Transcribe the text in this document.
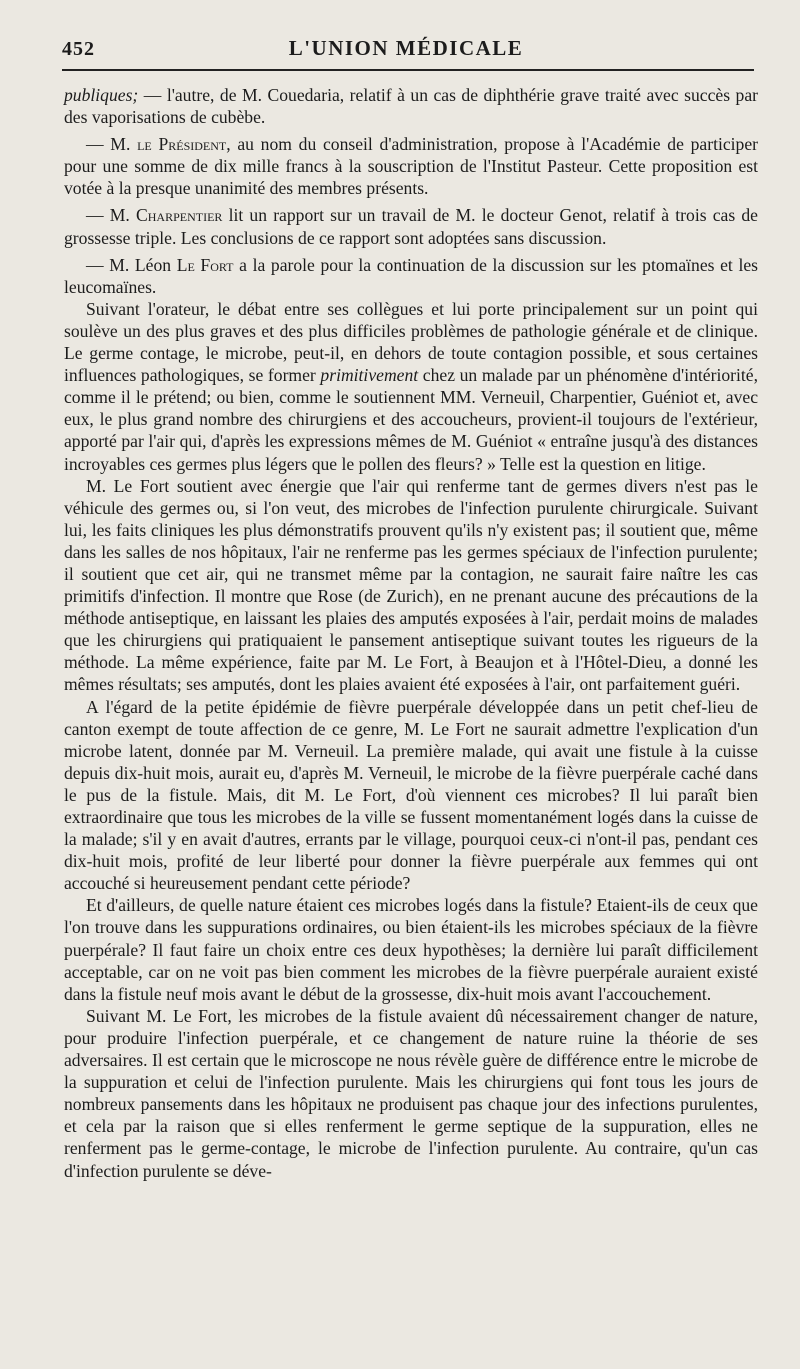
452	L'UNION MÉDICALE

publiques; — l'autre, de M. Couedaria, relatif à un cas de diphthérie grave traité avec succès par des vaporisations de cubèbe.

— M. le Président, au nom du conseil d'administration, propose à l'Académie de participer pour une somme de dix mille francs à la souscription de l'Institut Pasteur. Cette proposition est votée à la presque unanimité des membres présents.

— M. Charpentier lit un rapport sur un travail de M. le docteur Genot, relatif à trois cas de grossesse triple. Les conclusions de ce rapport sont adoptées sans discussion.

— M. Léon Le Fort a la parole pour la continuation de la discussion sur les ptomaïnes et les leucomaïnes.

Suivant l'orateur, le débat entre ses collègues et lui porte principalement sur un point qui soulève un des plus graves et des plus difficiles problèmes de pathologie générale et de clinique. Le germe contage, le microbe, peut-il, en dehors de toute contagion possible, et sous certaines influences pathologiques, se former primitivement chez un malade par un phénomène d'intériorité, comme il le prétend; ou bien, comme le soutiennent MM. Verneuil, Charpentier, Guéniot et, avec eux, le plus grand nombre des chirurgiens et des accoucheurs, provient-il toujours de l'extérieur, apporté par l'air qui, d'après les expressions mêmes de M. Guéniot « entraîne jusqu'à des distances incroyables ces germes plus légers que le pollen des fleurs? » Telle est la question en litige.

M. Le Fort soutient avec énergie que l'air qui renferme tant de germes divers n'est pas le véhicule des germes ou, si l'on veut, des microbes de l'infection purulente chirurgicale. Suivant lui, les faits cliniques les plus démonstratifs prouvent qu'ils n'y existent pas; il soutient que, même dans les salles de nos hôpitaux, l'air ne renferme pas les germes spéciaux de l'infection purulente; il soutient que cet air, qui ne transmet même par la contagion, ne saurait faire naître les cas primitifs d'infection. Il montre que Rose (de Zurich), en ne prenant aucune des précautions de la méthode antiseptique, en laissant les plaies des amputés exposées à l'air, perdait moins de malades que les chirurgiens qui pratiquaient le pansement antiseptique suivant toutes les rigueurs de la méthode. La même expérience, faite par M. Le Fort, à Beaujon et à l'Hôtel-Dieu, a donné les mêmes résultats; ses amputés, dont les plaies avaient été exposées à l'air, ont parfaitement guéri.

A l'égard de la petite épidémie de fièvre puerpérale développée dans un petit chef-lieu de canton exempt de toute affection de ce genre, M. Le Fort ne saurait admettre l'explication d'un microbe latent, donnée par M. Verneuil. La première malade, qui avait une fistule à la cuisse depuis dix-huit mois, aurait eu, d'après M. Verneuil, le microbe de la fièvre puerpérale caché dans le pus de la fistule. Mais, dit M. Le Fort, d'où viennent ces microbes? Il lui paraît bien extraordinaire que tous les microbes de la ville se fussent momentanément logés dans la cuisse de la malade; s'il y en avait d'autres, errants par le village, pourquoi ceux-ci n'ont-il pas, pendant ces dix-huit mois, profité de leur liberté pour donner la fièvre puerpérale aux femmes qui ont accouché si heureusement pendant cette période?

Et d'ailleurs, de quelle nature étaient ces microbes logés dans la fistule? Etaient-ils de ceux que l'on trouve dans les suppurations ordinaires, ou bien étaient-ils les microbes spéciaux de la fièvre puerpérale? Il faut faire un choix entre ces deux hypothèses; la dernière lui paraît difficilement acceptable, car on ne voit pas bien comment les microbes de la fièvre puerpérale auraient existé dans la fistule neuf mois avant le début de la grossesse, dix-huit mois avant l'accouchement.

Suivant M. Le Fort, les microbes de la fistule avaient dû nécessairement changer de nature, pour produire l'infection puerpérale, et ce changement de nature ruine la théorie de ses adversaires. Il est certain que le microscope ne nous révèle guère de différence entre le microbe de la suppuration et celui de l'infection purulente. Mais les chirurgiens qui font tous les jours de nombreux pansements dans les hôpitaux ne produisent pas chaque jour des infections purulentes, et cela par la raison que si elles renferment le germe septique de la suppuration, elles ne renferment pas le germe-contage, le microbe de l'infection purulente. Au contraire, qu'un cas d'infection purulente se déve-
